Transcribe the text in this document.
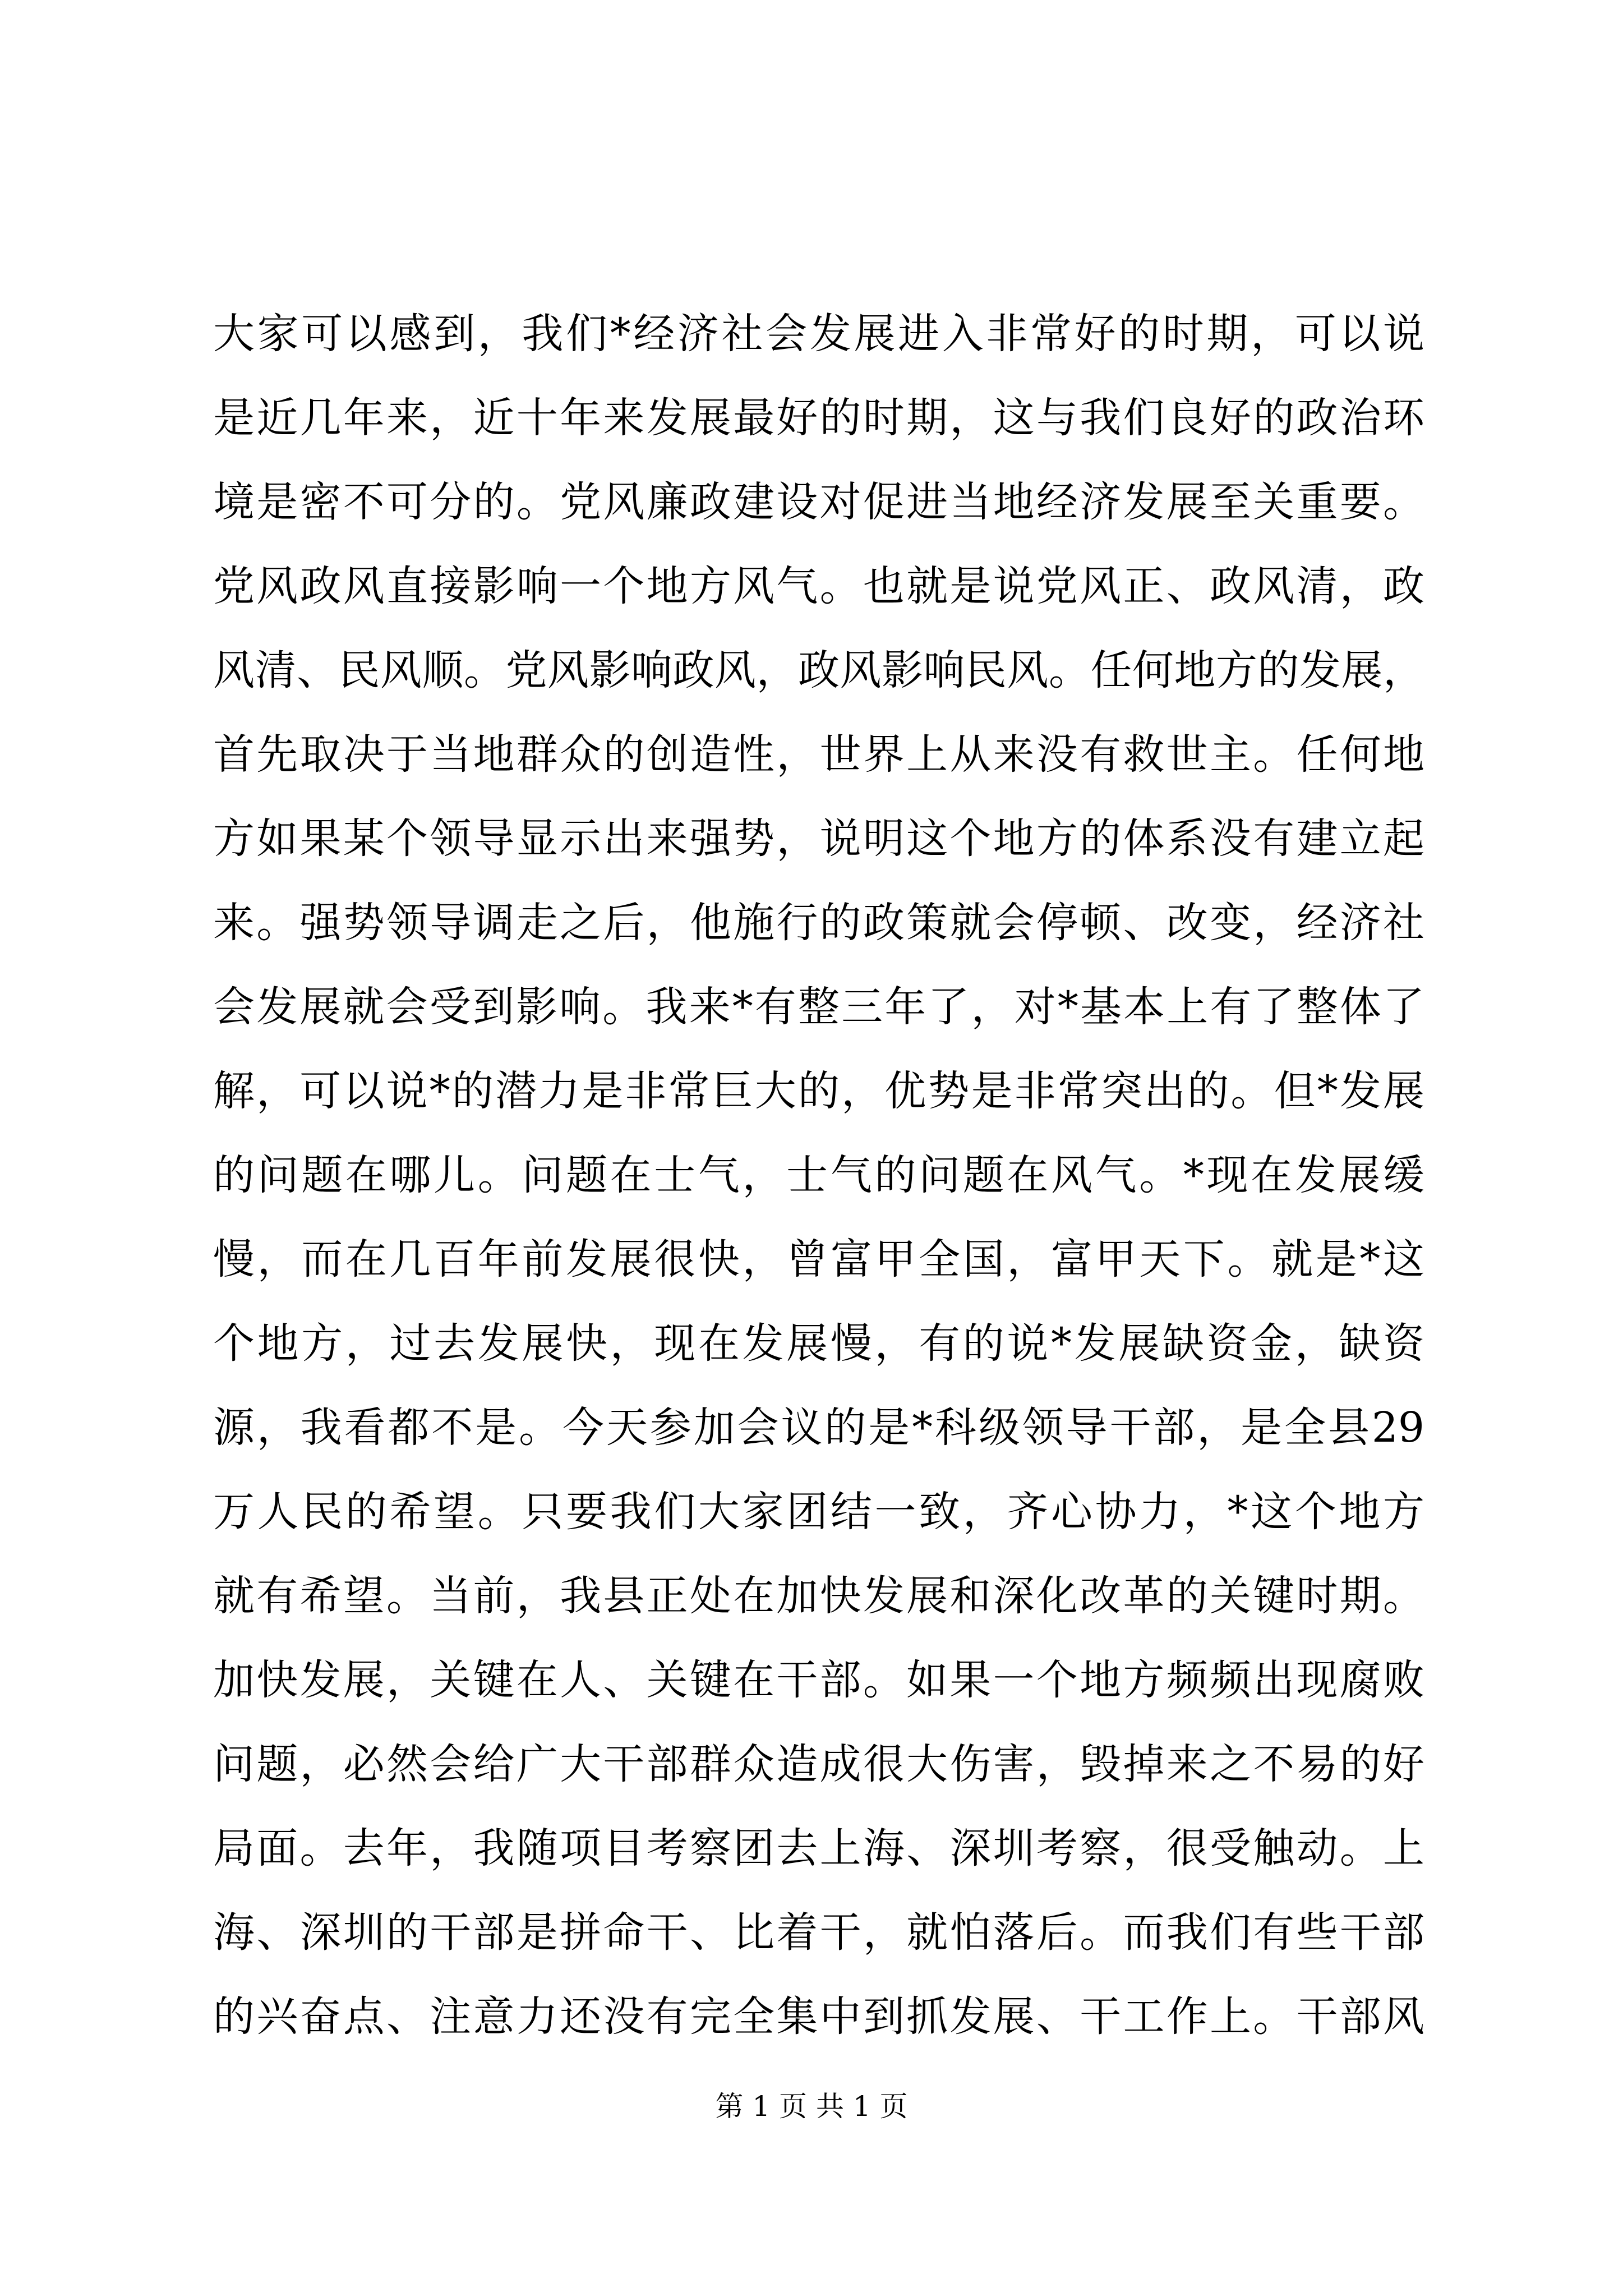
大家可以感到，我们*经济社会发展进入非常好的时期，可以说
是近几年来，近十年来发展最好的时期，这与我们良好的政治环
境是密不可分的。党风廉政建设对促进当地经济发展至关重要。
党风政风直接影响一个地方风气。也就是说党风正、政风清，政
风清、民风顺。党风影响政风，政风影响民风。任何地方的发展，
首先取决于当地群众的创造性，世界上从来没有救世主。任何地
方如果某个领导显示出来强势，说明这个地方的体系没有建立起
来。强势领导调走之后，他施行的政策就会停顿、改变，经济社
会发展就会受到影响。我来*有整三年了，对*基本上有了整体了
解，可以说*的潜力是非常巨大的，优势是非常突出的。但*发展
的问题在哪儿。问题在士气，士气的问题在风气。*现在发展缓
慢，而在几百年前发展很快，曾富甲全国，富甲天下。就是*这
个地方，过去发展快，现在发展慢，有的说*发展缺资金，缺资
源，我看都不是。今天参加会议的是*科级领导干部，是全县29
万人民的希望。只要我们大家团结一致，齐心协力，*这个地方
就有希望。当前，我县正处在加快发展和深化改革的关键时期。
加快发展，关键在人、关键在干部。如果一个地方频频出现腐败
问题，必然会给广大干部群众造成很大伤害，毁掉来之不易的好
局面。去年，我随项目考察团去上海、深圳考察，很受触动。上
海、深圳的干部是拼命干、比着干，就怕落后。而我们有些干部
的兴奋点、注意力还没有完全集中到抓发展、干工作上。干部风
第 1 页 共 1 页
